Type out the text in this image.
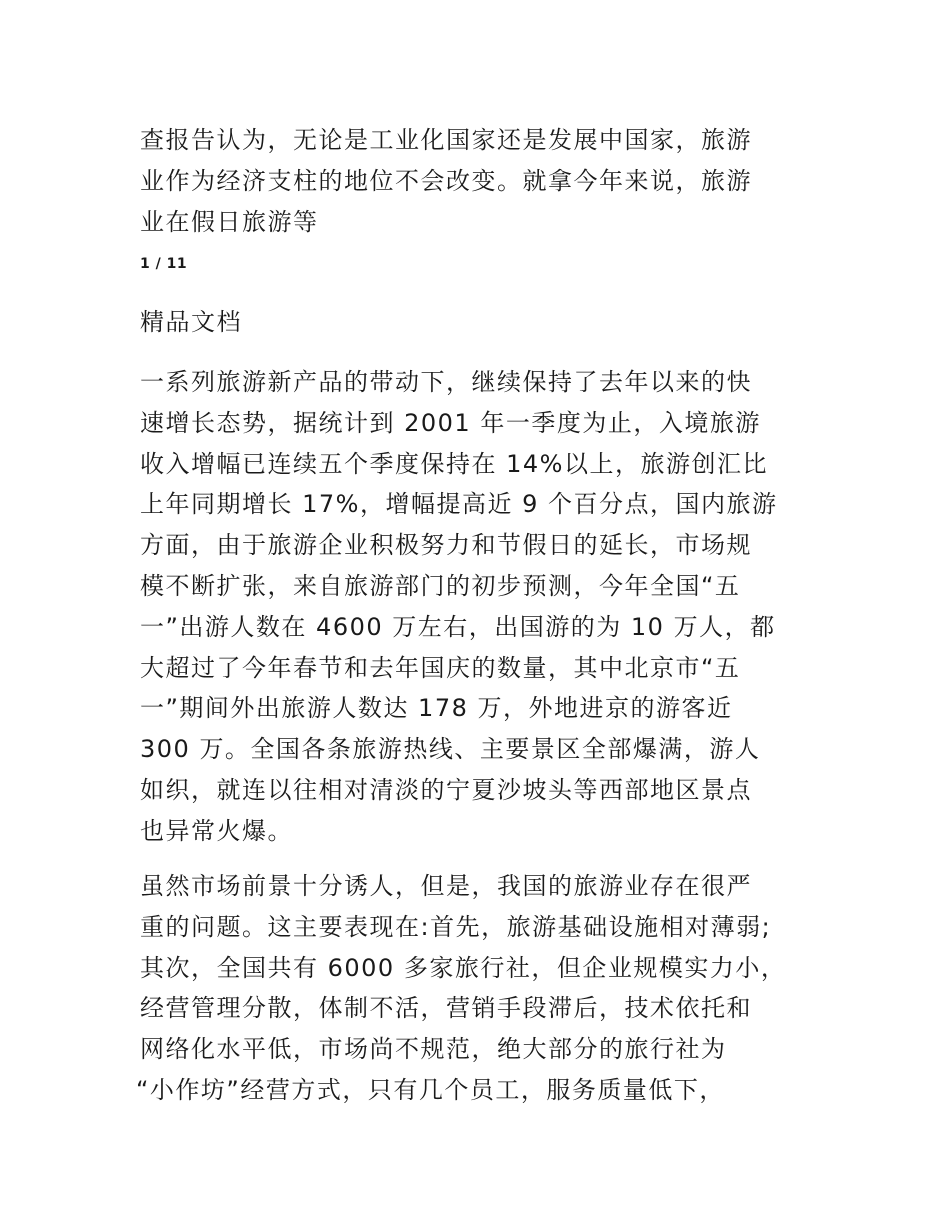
查报告认为，无论是工业化国家还是发展中国家，旅游
业作为经济支柱的地位不会改变。就拿今年来说，旅游
业在假日旅游等

1 / 11

精品文档

一系列旅游新产品的带动下，继续保持了去年以来的快
速增长态势，据统计到 2001 年一季度为止，入境旅游
收入增幅已连续五个季度保持在 14%以上，旅游创汇比
上年同期增长 17%，增幅提高近 9 个百分点，国内旅游
方面，由于旅游企业积极努力和节假日的延长，市场规
模不断扩张，来自旅游部门的初步预测，今年全国“五
一”出游人数在 4600 万左右，出国游的为 10 万人，都
大超过了今年春节和去年国庆的数量，其中北京市“五
一”期间外出旅游人数达 178 万，外地进京的游客近
300 万。全国各条旅游热线、主要景区全部爆满，游人
如织，就连以往相对清淡的宁夏沙坡头等西部地区景点
也异常火爆。
虽然市场前景十分诱人，但是，我国的旅游业存在很严
重的问题。这主要表现在:首先，旅游基础设施相对薄弱;
其次，全国共有 6000 多家旅行社，但企业规模实力小，
经营管理分散，体制不活，营销手段滞后，技术依托和
网络化水平低，市场尚不规范，绝大部分的旅行社为
“小作坊”经营方式，只有几个员工，服务质量低下，
